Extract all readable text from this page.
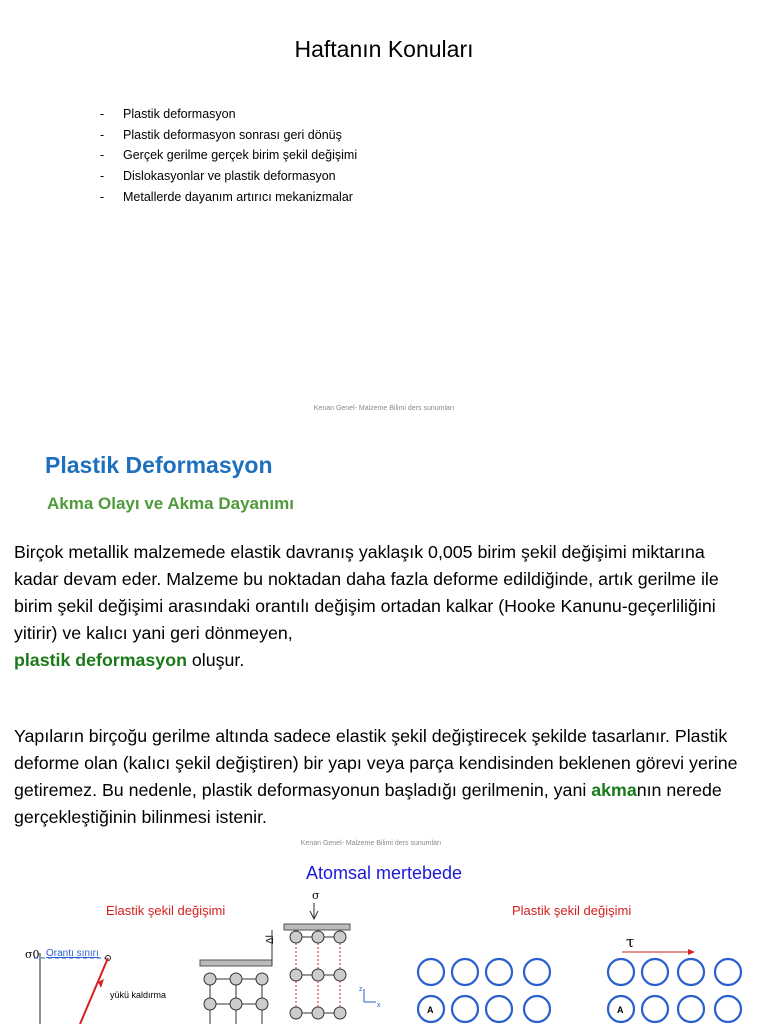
Haftanın Konuları
-	Plastik deformasyon
-	Plastik deformasyon sonrası geri dönüş
-	Gerçek gerilme gerçek birim şekil değişimi
-	Dislokasyonlar ve plastik deformasyon
-	Metallerde dayanım artırıcı mekanizmalar
Kenan Genel- Malzeme Bilimi ders sunumları
Plastik Deformasyon
Akma Olayı ve Akma Dayanımı

Birçok metallik malzemede elastik davranış yaklaşık 0,005 birim şekil değişimi miktarına kadar devam eder. Malzeme bu noktadan daha fazla deforme edildiğinde, artık gerilme ile birim şekil değişimi arasındaki orantılı değişim ortadan kalkar (Hooke Kanunu-geçerliliğini yitirir) ve kalıcı yani geri dönmeyen,
plastik deformasyon oluşur.

Yapıların birçoğu gerilme altında sadece elastik şekil değiştirecek şekilde tasarlanır. Plastik deforme olan (kalıcı şekil değiştiren) bir yapı veya parça kendisinden beklenen görevi yerine getiremez. Bu nedenle, plastik deformasyonun başladığı gerilmenin, yani akmanın nerede gerçekleştiğinin bilinmesi istenir.

Kenan Genel- Malzeme Bilimi ders sunumları
Atomsal mertebede
Elastik şekil değişimi	Plastik şekil değişimi
σ0 Orantı sınırı
yükü kaldırma
σ
Δl
z
x	A	A
τ
